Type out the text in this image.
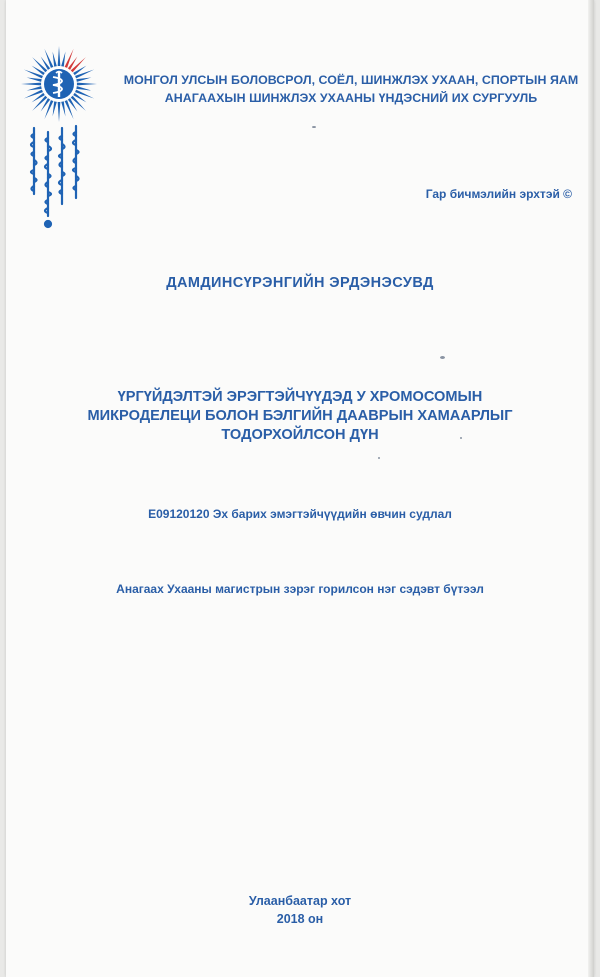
МОНГОЛ УЛСЫН БОЛОВСРОЛ, СОЁЛ, ШИНЖЛЭХ УХААН, СПОРТЫН ЯАМ
АНАГААХЫН ШИНЖЛЭХ УХААНЫ ҮНДЭСНИЙ ИХ СУРГУУЛЬ
Гар бичмэлийн эрхтэй ©
ДАМДИНСҮРЭНГИЙН ЭРДЭНЭСУВД
ҮРГҮЙДЭЛТЭЙ ЭРЭГТЭЙЧҮҮДЭД У ХРОМОСОМЫН
МИКРОДЕЛЕЦИ БОЛОН БЭЛГИЙН ДААВРЫН ХАМААРЛЫГ
ТОДОРХОЙЛСОН ДҮН
E09120120 Эх барих эмэгтэйчүүдийн өвчин судлал
Анагаах Ухааны магистрын зэрэг горилсон нэг сэдэвт бүтээл
Улаанбаатар хот
2018 он
